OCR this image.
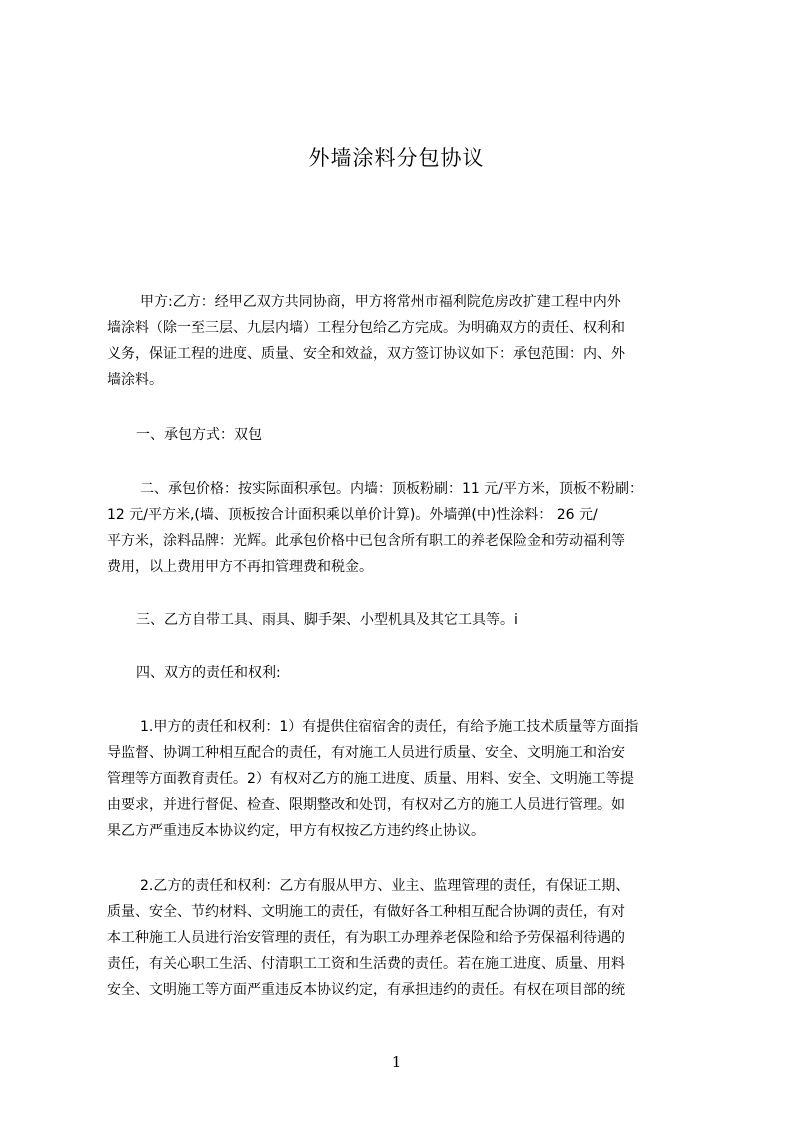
外墙涂料分包协议
甲方:乙方：经甲乙双方共同协商，甲方将常州市福利院危房改扩建工程中内外
墙涂料（除一至三层、九层内墙）工程分包给乙方完成。为明确双方的责任、权利和
义务，保证工程的进度、质量、安全和效益，双方签订协议如下：承包范围：内、外
墙涂料。
一、承包方式：双包
二、承包价格：按实际面积承包。内墙：顶板粉刷：11 元/平方米，顶板不粉刷：
12 元/平方米,(墙、顶板按合计面积乘以单价计算)。外墙弹(中)性涂料： 26 元/
平方米，涂料品牌：光辉。此承包价格中已包含所有职工的养老保险金和劳动福利等
费用，以上费用甲方不再扣管理费和税金。
三、乙方自带工具、雨具、脚手架、小型机具及其它工具等。i
四、双方的责任和权利:
1.甲方的责任和权利：1）有提供住宿宿舍的责任，有给予施工技术质量等方面指
导监督、协调工种相互配合的责任，有对施工人员进行质量、安全、文明施工和治安
管理等方面教育责任。2）有权对乙方的施工进度、质量、用料、安全、文明施工等提
由要求，并进行督促、检查、限期整改和处罚，有权对乙方的施工人员进行管理。如
果乙方严重违反本协议约定，甲方有权按乙方违约终止协议。
2.乙方的责任和权利：乙方有服从甲方、业主、监理管理的责任，有保证工期、
质量、安全、节约材料、文明施工的责任，有做好各工种相互配合协调的责任，有对
本工种施工人员进行治安管理的责任，有为职工办理养老保险和给予劳保福利待遇的
责任，有关心职工生活、付清职工工资和生活费的责任。若在施工进度、质量、用料
安全、文明施工等方面严重违反本协议约定，有承担违约的责任。有权在项目部的统
1
